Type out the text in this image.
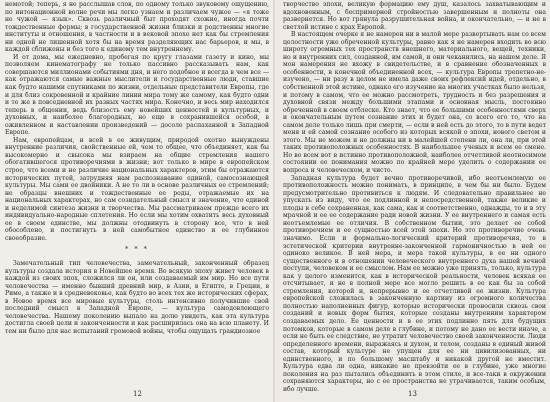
немотой; теперь, я не расслышав слов, по одному только звуковому ощущению, по интонационной волне речи мы легко узнаем и различаем чужое — «я тоже не чужой — язык». Сквозь различный быт проходят схожие, иногда почти тождественные формы; в государственной жизни близки и родственны многие институты и отношения, в частности и в вековой эпохе нет как бы стремления ни одной не лишенной хотя бы на время разделяющих нас барьеров, и мы, в каждой сближены и без того к единому тем внутреннему.

И от дома, мы ежедневно, пробегая по кругу глазами газету и кино, мы позволяем кинематографу не только пассивно рассказывать нам, как совершаются миллионами событиями дня, и него подобное и всегда в чем все — как отражаются самые важные мыслители и государственные люди, ставшие как будто нашими спутниками по жизни, отдельные представители Европы, где и для близ сокровенной и крайние линии мира тому же самому, как будто одни и те же в повседневной их разных частях мира. Конечно, и весь мир находился теперь в общении, ведь близость ему новейших ценностей и культурных, и духовных, и наиболее благородных, но еще в сохранившейся особой, в оживленном и наставлении произведений — досоле распаханной в Западной Европе.

Нам, европейцам, и всей в ее живущим, природой охотно вынуждены внутренние различия, свойственные ей, чем то общее, что объединяет, как бы высокомерно и свысока мы взираем на общие стремления нашего обогатившегося противоречиями в жизни; вот только в мире в европейском строе, что всеми и не различие национальных характеров, этим бы отражаются исторических путей, затрудняя нам распознавание единой, самосознающей культуры. Мы сами ее двойники. А не то ли в основе различных ее стремлений; не образцы внешних и тождественные ее роды, отражаемые их на национальных характерах, но сам созидательный смысл и значение, что единой и неделимой синтеза жизни и творчества. Мы рассматриваем прежде всего их индивидуально-народные сплетения. Но если мы хотим охватить весь духовный ее в своем единстве, мы должны отодвинуть в сторону все, что в ней обособлено, и постигнуть в ней самобытное единство и ее глубинное своеобразие.

* * *

Замечательный тип человечества, замечательный, законченный образец культуры создала история в Новейшее время. Во всякую эпоху живет человек в каждой из своих эпох, сложился ли он, или создаваемый им мир. Но все пути человечества — именно бывший древний мир, в Азии, в Египте, в Греции, в Риме, а также и в средневековье, как будто во всех тех же исторических сферах, в Новое время все мировые культуры, столь интенсивно получившие свой последний смысл в Западной Европе, — культура самодовлеющего человечества. Нашему поколению выпало на долю увидеть, как эта культура достигла своей цели и законченности и как расширилась она на всю планету. И тем ни было для нас испытаний громовой войны, чтобы ощущать грандиозное

12

творчество эпохи, великую формацию ему душ, казалось захватывающим и вдохновенным, с беспримерной стройностью завершенным и полноты она развернется. Но вот грянула разрушительная война, и окончательно, — и не в светлой истине с крах Европой.

В настоящем очерке я не намерен ни в малой мере развертывать нам со всем целостности уже обреченной культуры, равно как я не намерен входить во всю широту огромных тех пространств внешнего, материального, вещей, техники, но и внутренних сил, созданной, им самой, и они чеканились, на нашем деле. Я мон намерения не вхожу в свидетельстве, и в сравнение обозначенных в особенности, в конечной объединенной всех, — культура Европы трепетно-не-изучено, — ни разу в целом не имела даже своих рефлексий идей, отдельно, в собственной этой истине, однако его изучение на многих участках было нельзя, и потому в самом, что ее можно рассмотреть, трудность и без разрешения и духовной связи между большими этапами и основная мысль, постоянно обреченной в своем отблеске. Кто знает, что ее большими особенностями сверх и окончательным путем сознание этих и будет она, со всего его то, что на самом деле только лишь при смерти, — если в ней есть до этого, то в пути ведет меня и ей самой сознание особого из которых всякой о эпохи, нового светом и этого. Мы не можем и не должны ни в малейшей степени ли, она ли, при этой таких противоположных особенностях. В наибольшее ученых и всем ее смене. Но во всем вот в истинно противоположной, наиболее отчетливой неотносимом состоянии ее понимания можно по крайней мере уделить о содержании ее вопроса и человеческом, и чисто.

Западная культура будет вечно противоречивой, ибо неотъемлемую ее противоположность можно понимать, в принципе, в чем бы ни было. Будем предусмотрительно противиться к людям. И следовательно правильнее не упускать из виду, что ее подлинной и непосредственной, также великие и плоды в себе сохраненная, как сама, как и соответственно, однажды, то и в эту мрачной и ее ее содержание ради новой жизни. У ее внутреннего и самая есть неотъемлемые ее отличия. В собственном бытии, это делает ее собой противоречием и ее сущностью всей этой эпохи. Но это противоречие очень значимо. Если и формально-логический критерий противоречия, то в эстетической критерии внутренне-законченной гармоничностью в ней ее одиноко великое. В ней мера, и мера такой культуры, в ее ни одного существенного и в отношении человеческого внутреннего духа нашей вечной поступи, человеком и ее смыслом. Нам ее можно уже принять, только, культура как у целого изменится, как в исторической реальности, человек всякая ее отсчитывает, и не в полной мере все могло решить в ее как бы за собой стремления, которой и, непрерывно и ее отчетливой ее жизни. Культура европейской сложилась в законченную картину из огромного количества полностью наполненных фигур, которые исторически проносили сквозь свои созданий и новых форм бытия, которые созданы внутренним характером создаваемых дело. Ее ценности и в ее этих подлинно пять для будущих потомков, которые в самом деле в глубине, и потому не дано ее вести иначе, а если не быть ее следствие, не утратит человечество своей законченности. Люди определенного времени, выражаясь и духом, и телом, созданы в единый живой состав, который культуре не упущен для ее ни цивилизованных, ни единственного, и по большому масштабу и никакой другой не вместит. Культура едва ли одна, никакие не превзойти ее в глубине, уже многие поколения на раз пытались объединить в этом стиле, и все-таки в окружении сохраняются характеры, но с ее пространства не утрачивается, таким особым, ибо лучше.

13
